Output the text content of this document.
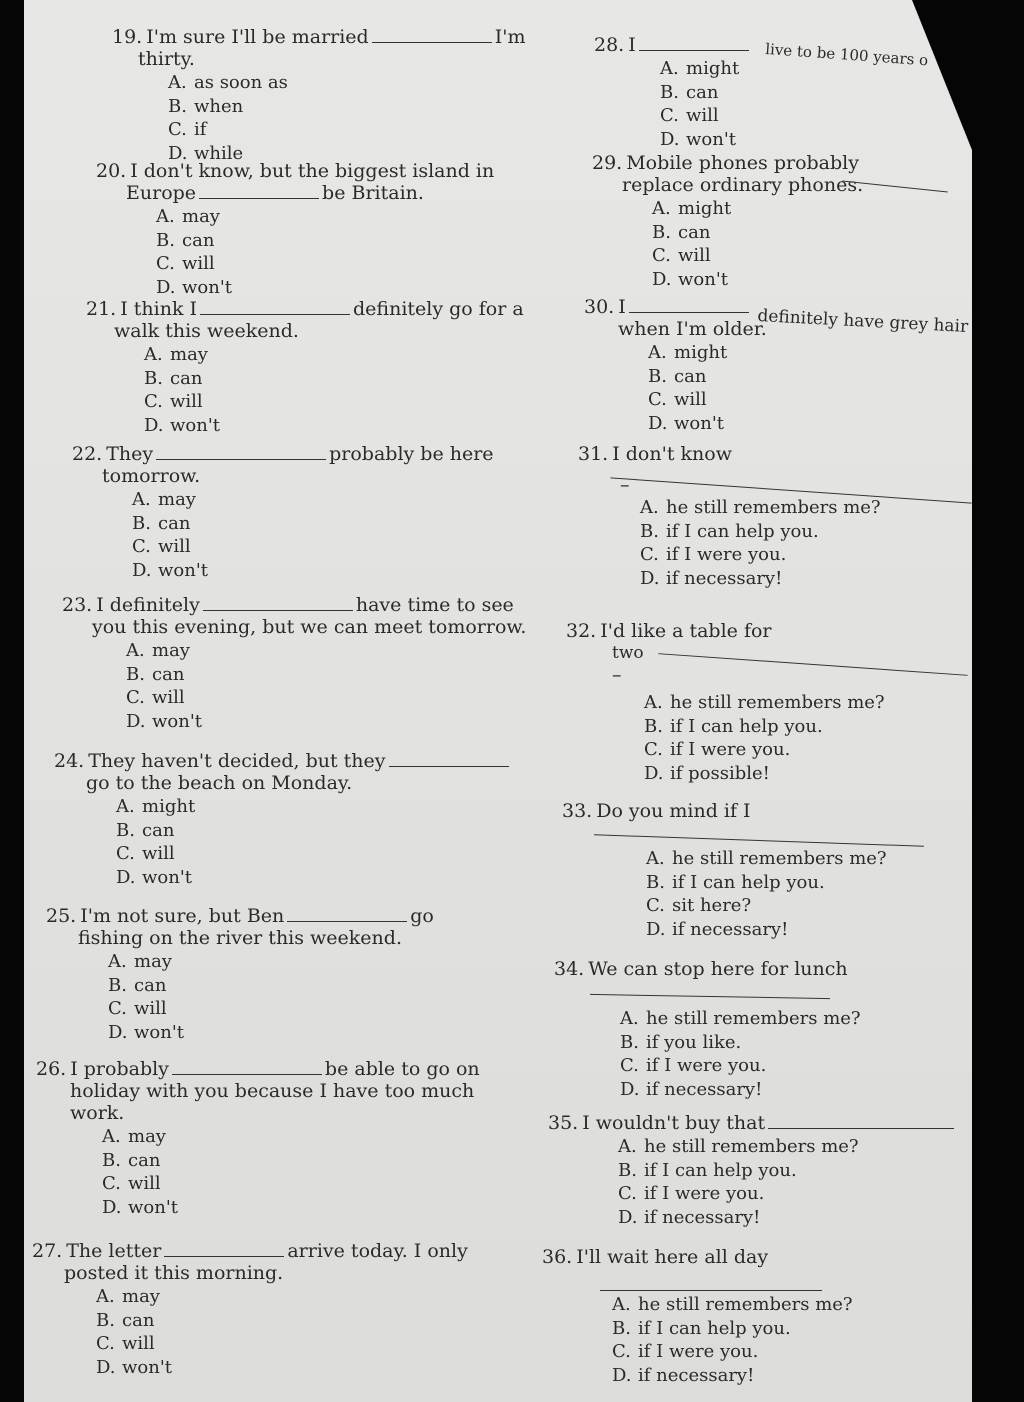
19. I'm sure I'll be married	I'm
thirty.
A. as soon as
B. when
C. if
D. while
20. I don't know, but the biggest island in
Europe	be Britain.
A. may
B. can
C. will
D. won't
21. I think I	definitely go for a
walk this weekend.
A. may
B. can
C. will
D. won't
22. They	probably be here
tomorrow.
A. may
B. can
C. will
D. won't
23. I definitely	have time to see
you this evening, but we can meet tomorrow.
A. may
B. can
C. will
D. won't
24. They haven't decided, but they
go to the beach on Monday.
A. might
B. can
C. will
D. won't
25. I'm not sure, but Ben	go
fishing on the river this weekend.
A. may
B. can
C. will
D. won't
26. I probably	be able to go on
holiday with you because I have too much
work.
A. may
B. can
C. will
D. won't
27. The letter	arrive today. I only
posted it this morning.
A. may
B. can
C. will
D. won't
28. I
A. might
B. can
C. will
D. won't
live to be 100 years o
29. Mobile phones probably
replace ordinary phones.
A. might
B. can
C. will
D. won't
30. I
when I'm older.
A. might
B. can
C. will
D. won't
definitely have grey hair
31. I don't know
–
A. he still remembers me?
B. if I can help you.
C. if I were you.
D. if necessary!
32. I'd like a table for
two
–
A. he still remembers me?
B. if I can help you.
C. if I were you.
D. if possible!
33. Do you mind if I
A. he still remembers me?
B. if I can help you.
C. sit here?
D. if necessary!
34. We can stop here for lunch
A. he still remembers me?
B. if you like.
C. if I were you.
D. if necessary!
35. I wouldn't buy that
A. he still remembers me?
B. if I can help you.
C. if I were you.
D. if necessary!
36. I'll wait here all day
A. he still remembers me?
B. if I can help you.
C. if I were you.
D. if necessary!
